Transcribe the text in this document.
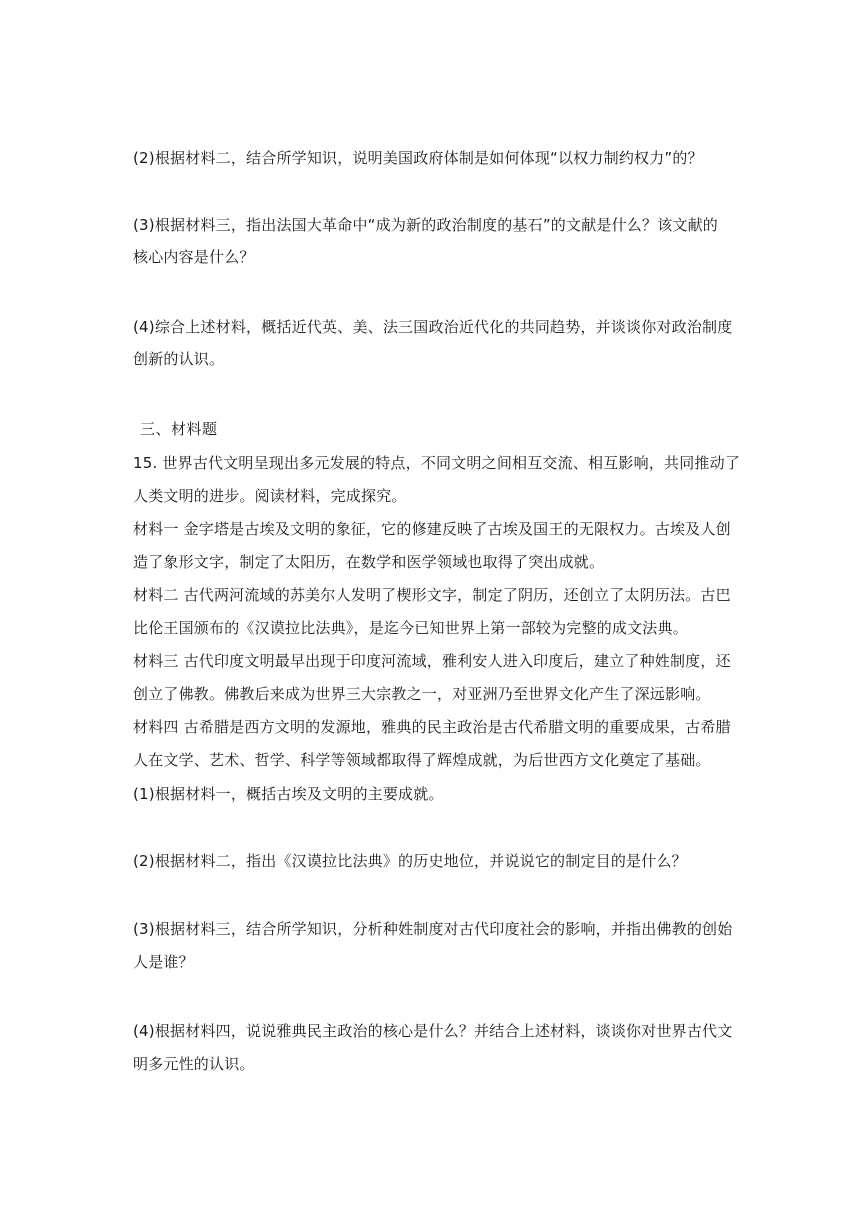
(2)根据材料二，结合所学知识，说明美国政府体制是如何体现“以权力制约权力”的？
(3)根据材料三，指出法国大革命中“成为新的政治制度的基石”的文献是什么？该文献的
核心内容是什么？
(4)综合上述材料，概括近代英、美、法三国政治近代化的共同趋势，并谈谈你对政治制度
创新的认识。
三、材料题
15. 世界古代文明呈现出多元发展的特点，不同文明之间相互交流、相互影响，共同推动了
人类文明的进步。阅读材料，完成探究。
材料一 金字塔是古埃及文明的象征，它的修建反映了古埃及国王的无限权力。古埃及人创
造了象形文字，制定了太阳历，在数学和医学领域也取得了突出成就。
材料二 古代两河流域的苏美尔人发明了楔形文字，制定了阴历，还创立了太阴历法。古巴
比伦王国颁布的《汉谟拉比法典》，是迄今已知世界上第一部较为完整的成文法典。
材料三 古代印度文明最早出现于印度河流域，雅利安人进入印度后，建立了种姓制度，还
创立了佛教。佛教后来成为世界三大宗教之一，对亚洲乃至世界文化产生了深远影响。
材料四 古希腊是西方文明的发源地，雅典的民主政治是古代希腊文明的重要成果，古希腊
人在文学、艺术、哲学、科学等领域都取得了辉煌成就，为后世西方文化奠定了基础。
(1)根据材料一，概括古埃及文明的主要成就。
(2)根据材料二，指出《汉谟拉比法典》的历史地位，并说说它的制定目的是什么？
(3)根据材料三，结合所学知识，分析种姓制度对古代印度社会的影响，并指出佛教的创始
人是谁？
(4)根据材料四，说说雅典民主政治的核心是什么？并结合上述材料，谈谈你对世界古代文
明多元性的认识。
